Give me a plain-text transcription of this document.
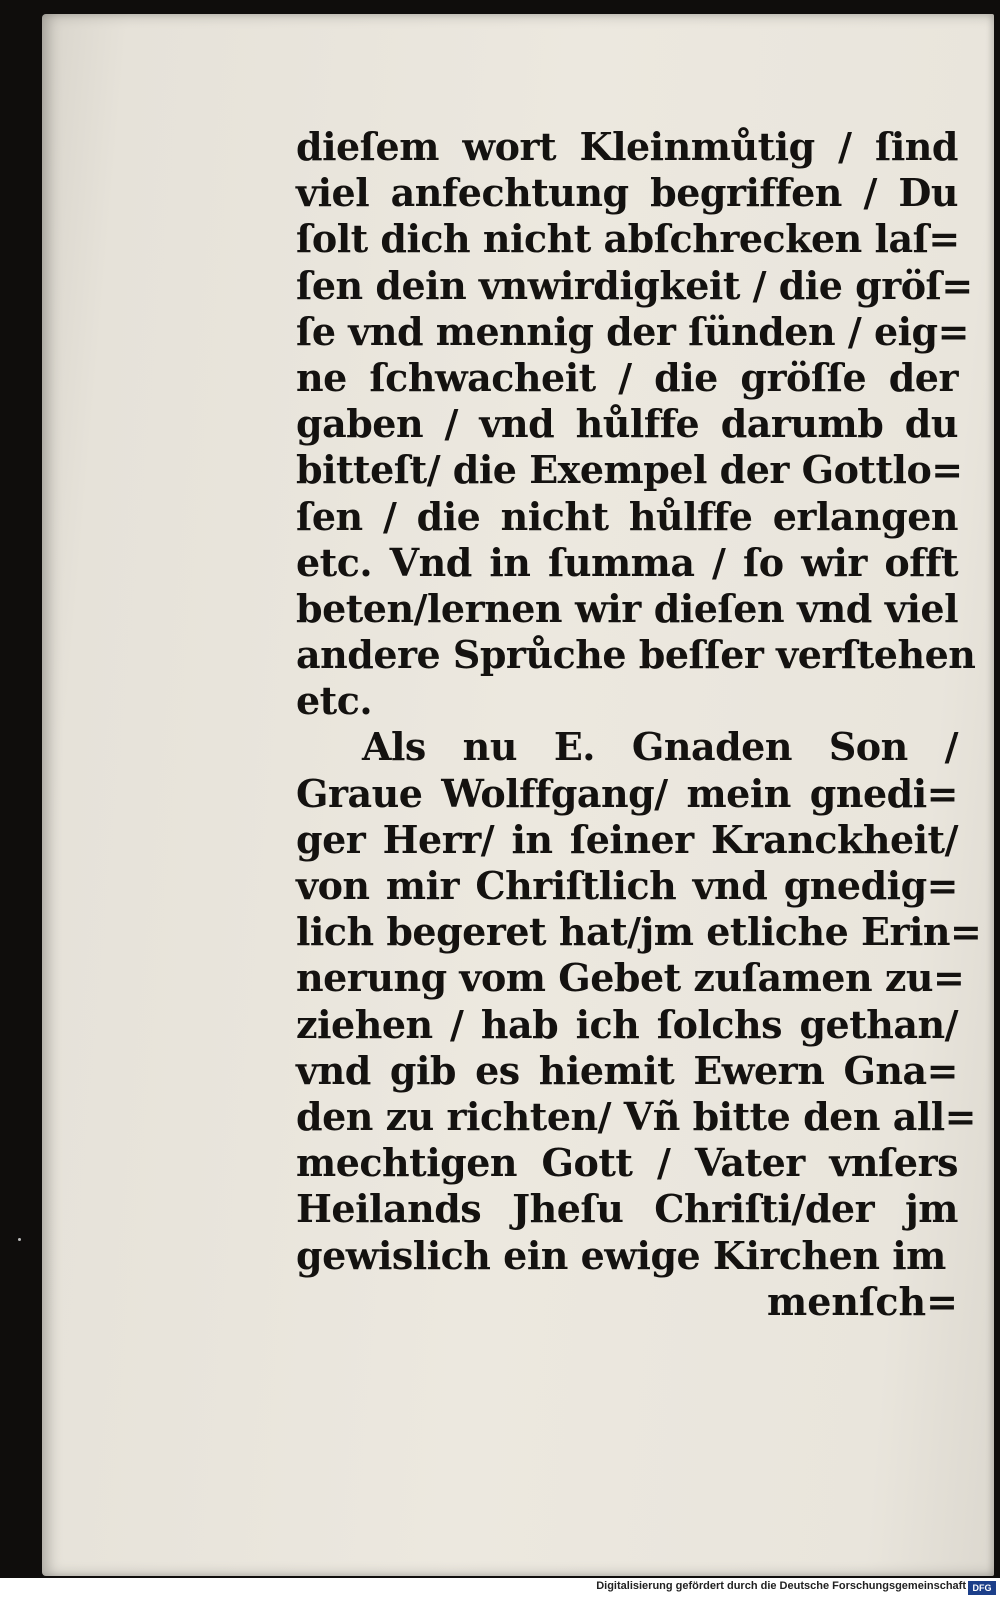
dieſem wort Kleinmůtig / ſind
viel anfechtung begriffen / Du
ſolt dich nicht abſchrecken laſ=
ſen dein vnwirdigkeit / die gröſ=
ſe vnd mennig der ſünden / eig=
ne ſchwacheit / die gröſſe der
gaben / vnd hůlffe darumb du
bitteſt/ die Exempel der Gottlo=
ſen / die nicht hůlffe erlangen
etc. Vnd in ſumma / ſo wir offt
beten/lernen wir dieſen vnd viel
andere Sprůche beſſer verſtehen
etc.
Als nu E. Gnaden Son /
Graue Wolffgang/ mein gnedi=
ger Herr/ in ſeiner Kranckheit/
von mir Chriſtlich vnd gnedig=
lich begeret hat/jm etliche Erin=
nerung vom Gebet zuſamen zu=
ziehen / hab ich ſolchs gethan/
vnd gib es hiemit Ewern Gna=
den zu richten/ Vñ bitte den all=
mechtigen Gott / Vater vnſers
Heilands Jheſu Chriſti/der jm
gewislich ein ewige Kirchen im
menſch=
Digitalisierung gefördert durch die Deutsche Forschungsgemeinschaft DFG
